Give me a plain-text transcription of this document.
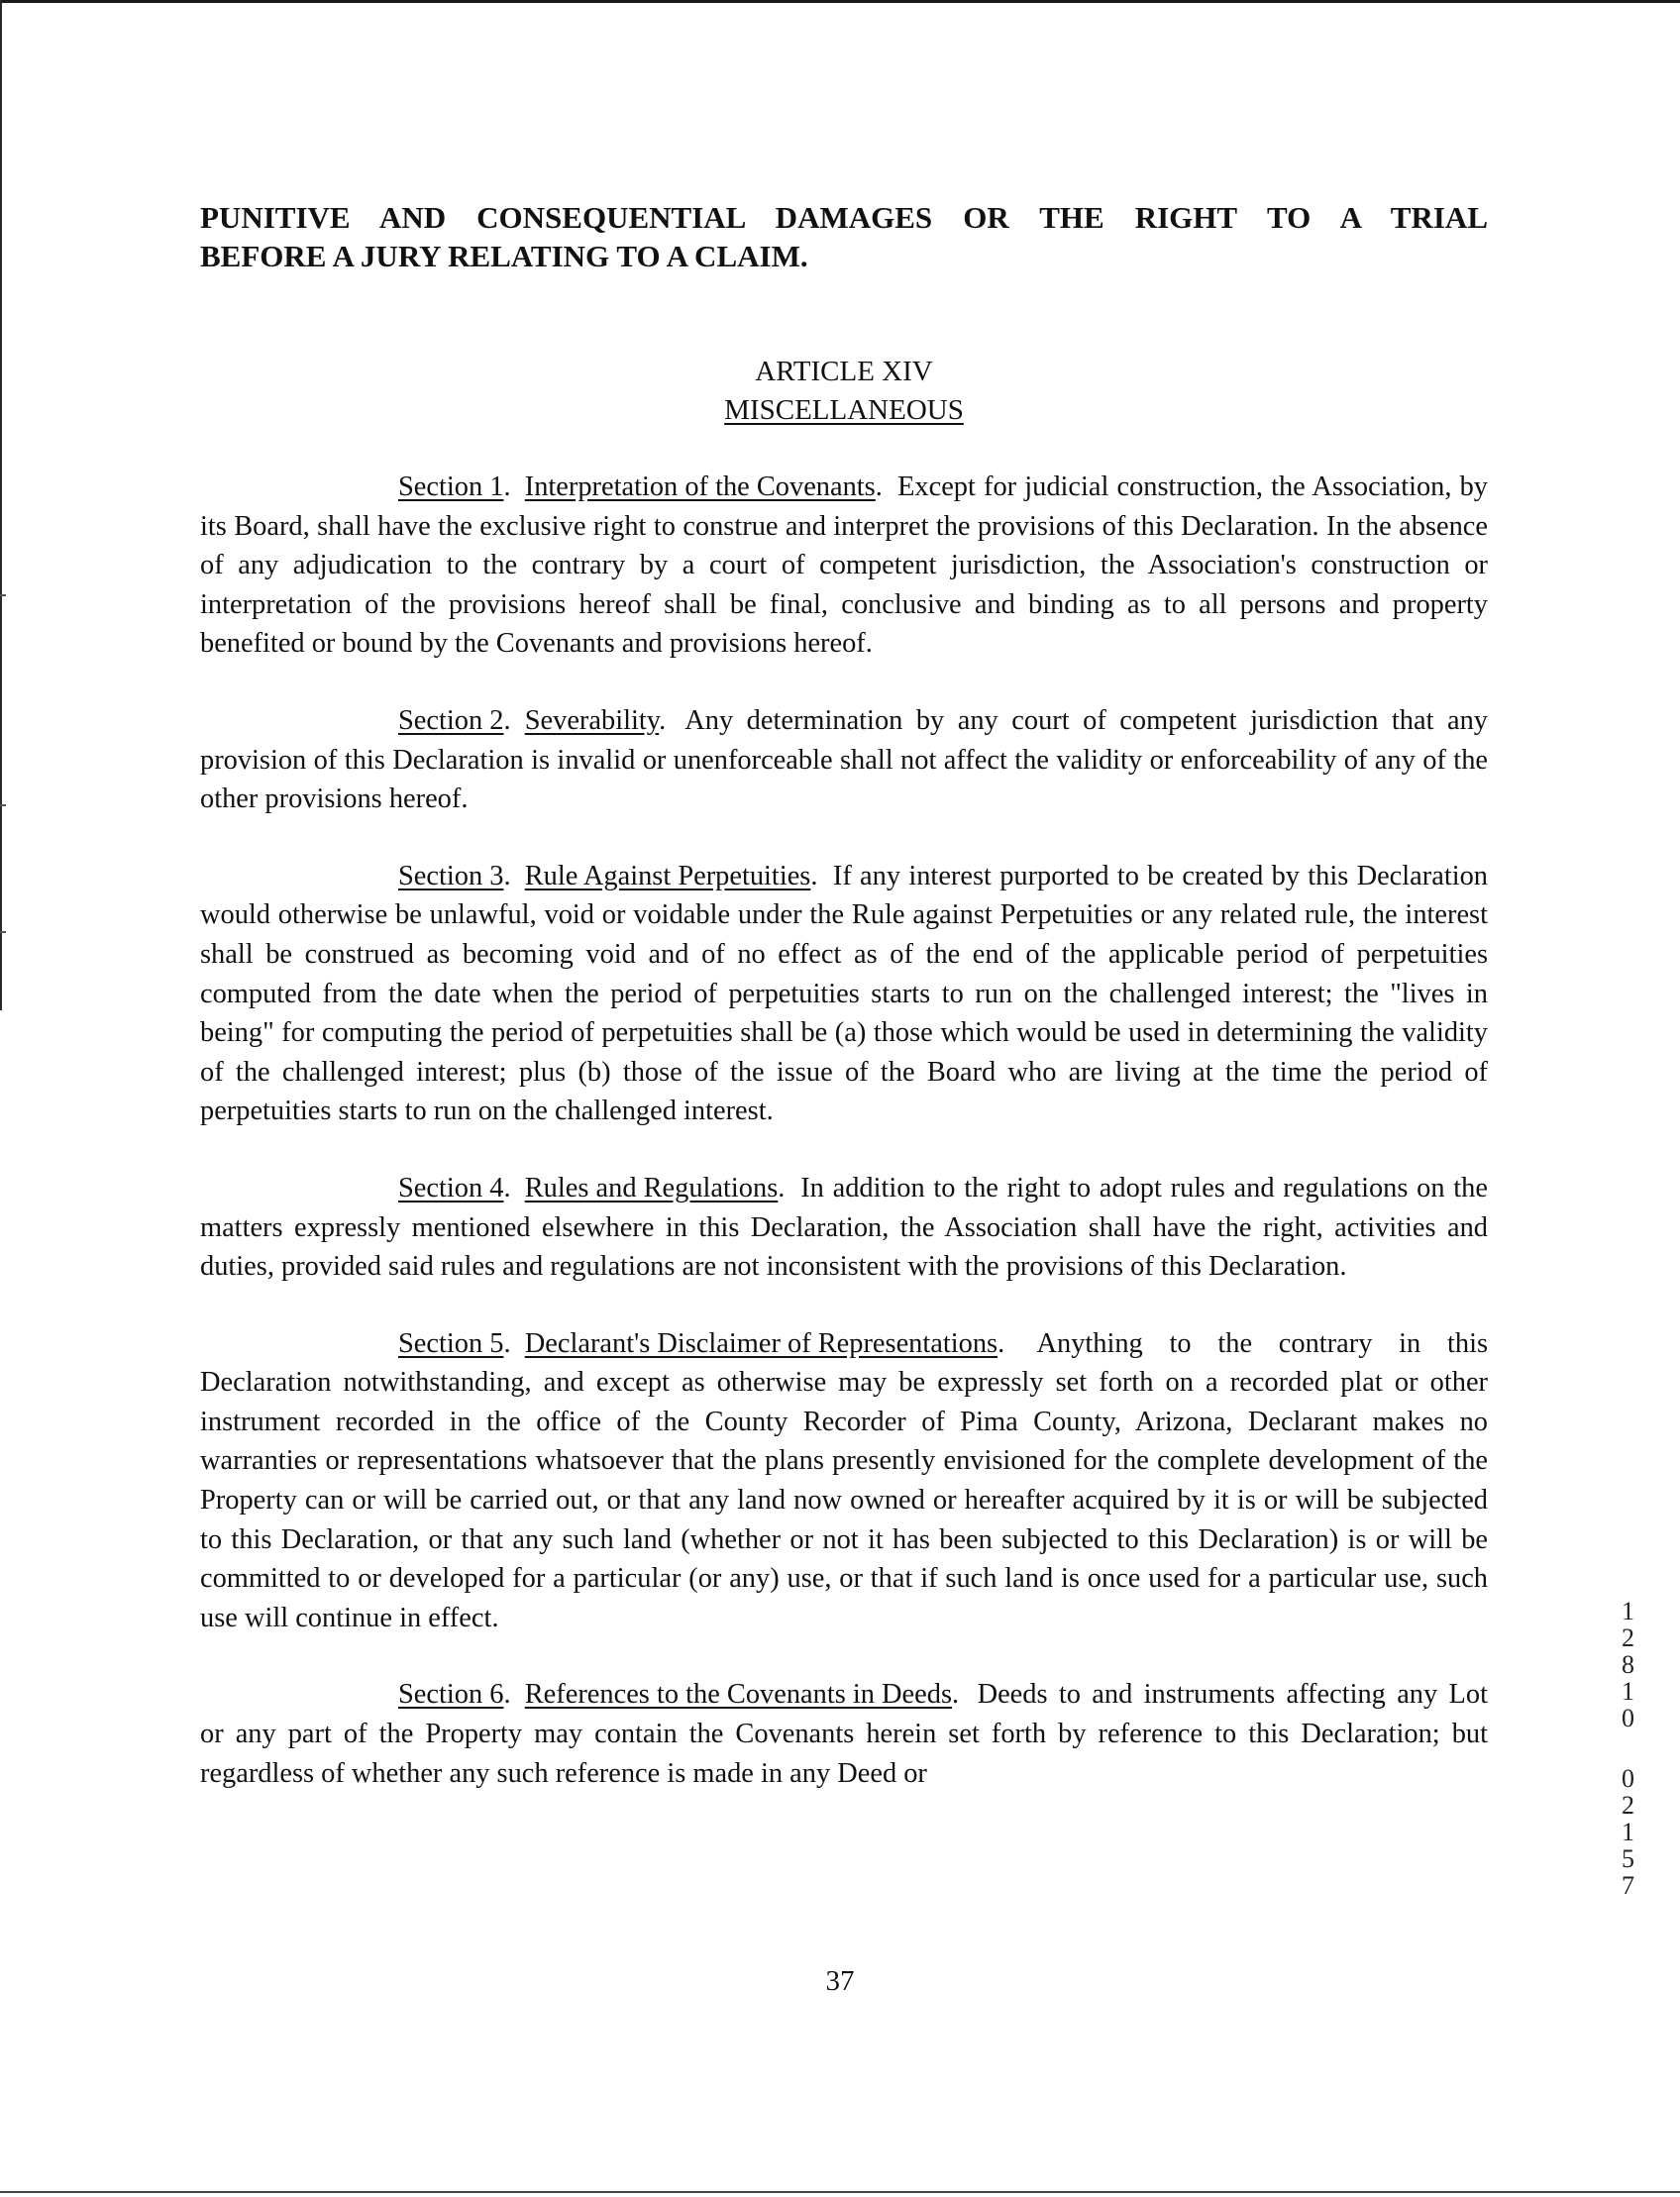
PUNITIVE AND CONSEQUENTIAL DAMAGES OR THE RIGHT TO A TRIAL
BEFORE A JURY RELATING TO A CLAIM.

ARTICLE XIV
MISCELLANEOUS

Section 1.  Interpretation of the Covenants.  Except for judicial construction, the Association, by its Board, shall have the exclusive right to construe and interpret the provisions of this Declaration. In the absence of any adjudication to the contrary by a court of competent jurisdiction, the Association's construction or interpretation of the provisions hereof shall be final, conclusive and binding as to all persons and property benefited or bound by the Covenants and provisions hereof.

Section 2.  Severability.  Any determination by any court of competent jurisdiction that any provision of this Declaration is invalid or unenforceable shall not affect the validity or enforceability of any of the other provisions hereof.

Section 3.  Rule Against Perpetuities.  If any interest purported to be created by this Declaration would otherwise be unlawful, void or voidable under the Rule against Perpetuities or any related rule, the interest shall be construed as becoming void and of no effect as of the end of the applicable period of perpetuities computed from the date when the period of perpetuities starts to run on the challenged interest; the "lives in being" for computing the period of perpetuities shall be (a) those which would be used in determining the validity of the challenged interest; plus (b) those of the issue of the Board who are living at the time the period of perpetuities starts to run on the challenged interest.

Section 4.  Rules and Regulations.  In addition to the right to adopt rules and regulations on the matters expressly mentioned elsewhere in this Declaration, the Association shall have the right, activities and duties, provided said rules and regulations are not inconsistent with the provisions of this Declaration.

Section 5.  Declarant's Disclaimer of Representations.  Anything to the contrary in this Declaration notwithstanding, and except as otherwise may be expressly set forth on a recorded plat or other instrument recorded in the office of the County Recorder of Pima County, Arizona, Declarant makes no warranties or representations whatsoever that the plans presently envisioned for the complete development of the Property can or will be carried out, or that any land now owned or hereafter acquired by it is or will be subjected to this Declaration, or that any such land (whether or not it has been subjected to this Declaration) is or will be committed to or developed for a particular (or any) use, or that if such land is once used for a particular use, such use will continue in effect.

Section 6.  References to the Covenants in Deeds.  Deeds to and instruments affecting any Lot or any part of the Property may contain the Covenants herein set forth by reference to this Declaration; but regardless of whether any such reference is made in any Deed or

37
12810
02157
